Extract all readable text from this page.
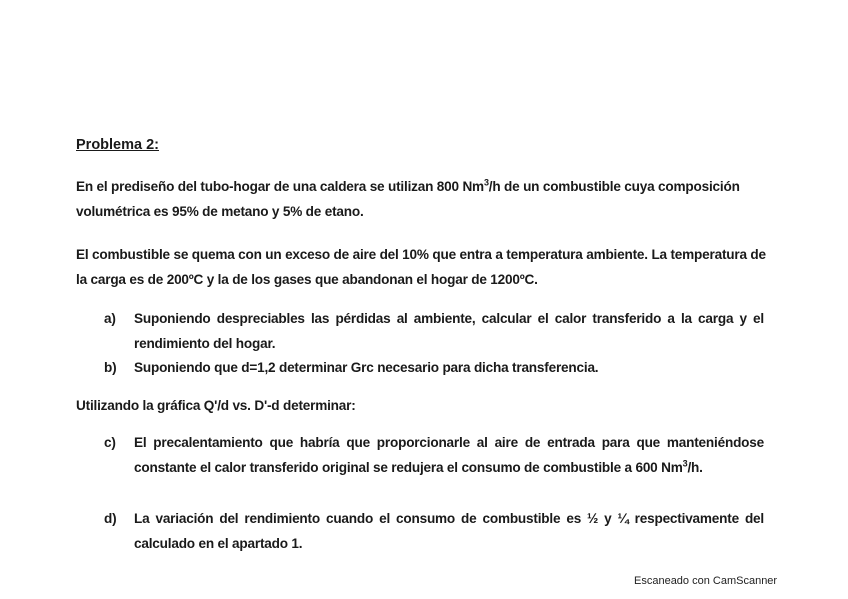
Problema 2:
En el prediseño del tubo-hogar de una caldera se utilizan 800 Nm$^3$/h de un combustible cuya composición volumétrica es 95% de metano y 5% de etano.
El combustible se quema con un exceso de aire del 10% que entra a temperatura ambiente. La temperatura de la carga es de 200ºC y la de los gases que abandonan el hogar de 1200ºC.
a)	Suponiendo despreciables las pérdidas al ambiente, calcular el calor transferido a la carga y el rendimiento del hogar.
b)	Suponiendo que d=1,2 determinar Grc necesario para dicha transferencia.
Utilizando la gráfica Q'/d vs. D'-d determinar:
c)	El precalentamiento que habría que proporcionarle al aire de entrada para que manteniéndose constante el calor transferido original se redujera el consumo de combustible a 600 Nm$^3$/h.
d)	La variación del rendimiento cuando el consumo de combustible es ½ y ¼ respectivamente del calculado en el apartado 1.
Escaneado con CamScanner
